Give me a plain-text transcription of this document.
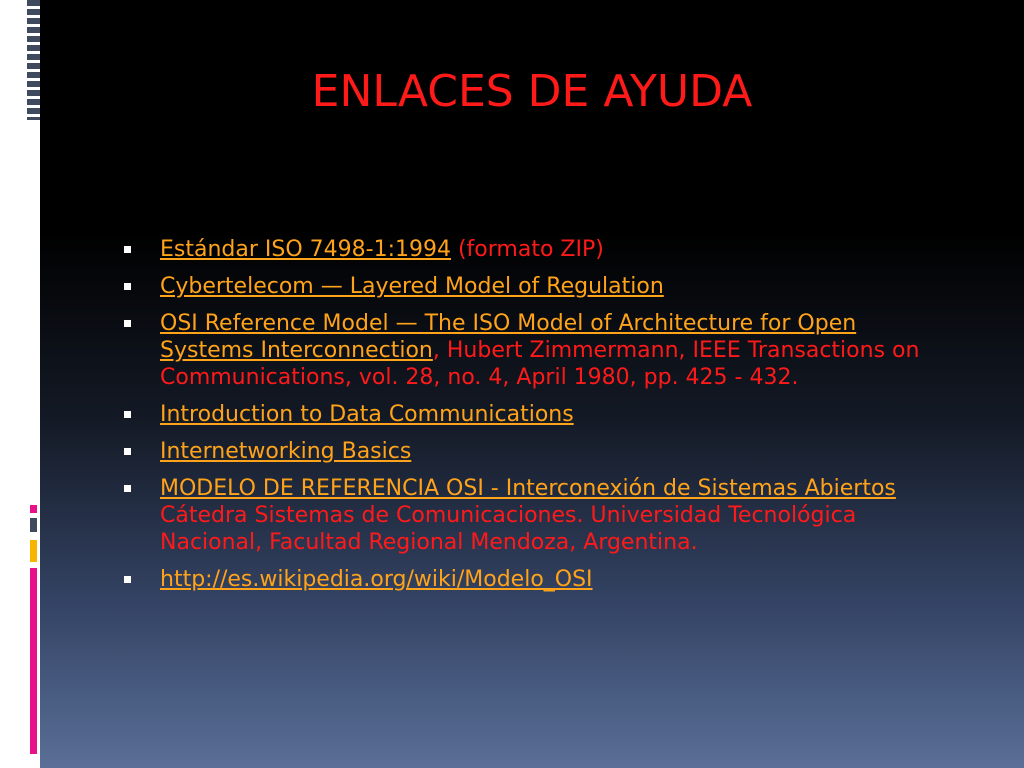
ENLACES DE AYUDA
Estándar ISO 7498-1:1994 (formato ZIP)
Cybertelecom — Layered Model of Regulation
OSI Reference Model — The ISO Model of Architecture for Open Systems Interconnection, Hubert Zimmermann, IEEE Transactions on Communications, vol. 28, no. 4, April 1980, pp. 425 - 432.
Introduction to Data Communications
Internetworking Basics
MODELO DE REFERENCIA OSI - Interconexión de Sistemas Abiertos Cátedra Sistemas de Comunicaciones. Universidad Tecnológica Nacional, Facultad Regional Mendoza, Argentina.
http://es.wikipedia.org/wiki/Modelo_OSI
